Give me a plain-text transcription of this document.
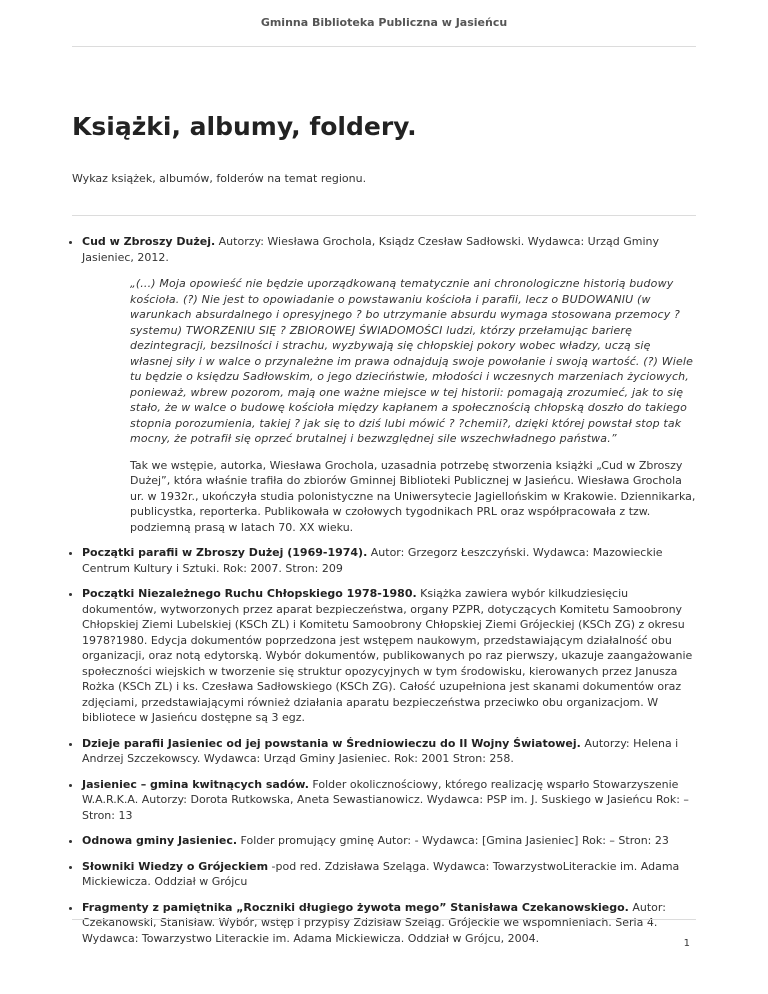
Gminna Biblioteka Publiczna w Jasieńcu
Książki, albumy, foldery.

Wykaz książek, albumów, folderów na temat regionu.

• Cud w Zbroszy Dużej. Autorzy: Wiesława Grochola, Ksiądz Czesław Sadłowski. Wydawca: Urząd Gminy Jasieniec, 2012.

„(...) Moja opowieść nie będzie uporządkowaną tematycznie ani chronologiczne historią budowy kościoła. (?) Nie jest to opowiadanie o powstawaniu kościoła i parafii, lecz o BUDOWANIU (w warunkach absurdalnego i opresyjnego ? bo utrzymanie absurdu wymaga stosowana przemocy ? systemu) TWORZENIU SIĘ ? ZBIOROWEJ ŚWIADOMOŚCI ludzi, którzy przełamując barierę dezintegracji, bezsilności i strachu, wyzbywają się chłopskiej pokory wobec władzy, uczą się własnej siły i w walce o przynależne im prawa odnajdują swoje powołanie i swoją wartość. (?) Wiele tu będzie o księdzu Sadłowskim, o jego dzieciństwie, młodości i wczesnych marzeniach życiowych, ponieważ, wbrew pozorom, mają one ważne miejsce w tej historii: pomagają zrozumieć, jak to się stało, że w walce o budowę kościoła między kapłanem a społecznością chłopską doszło do takiego stopnia porozumienia, takiej ? jak się to dziś lubi mówić ? ?chemii?, dzięki której powstał stop tak mocny, że potrafił się oprzeć brutalnej i bezwzględnej sile wszechwładnego państwa.”

Tak we wstępie, autorka, Wiesława Grochola, uzasadnia potrzebę stworzenia książki „Cud w Zbroszy Dużej”, która właśnie trafiła do zbiorów Gminnej Biblioteki Publicznej w Jasieńcu. Wiesława Grochola ur. w 1932r., ukończyła studia polonistyczne na Uniwersytecie Jagiellońskim w Krakowie. Dziennikarka, publicystka, reporterka. Publikowała w czołowych tygodnikach PRL oraz współpracowała z tzw. podziemną prasą w latach 70. XX wieku.

• Początki parafii w Zbroszy Dużej (1969-1974). Autor: Grzegorz Łeszczyński. Wydawca: Mazowieckie Centrum Kultury i Sztuki. Rok: 2007. Stron: 209
• Początki Niezależnego Ruchu Chłopskiego 1978-1980. Książka zawiera wybór kilkudziesięciu dokumentów, wytworzonych przez aparat bezpieczeństwa, organy PZPR, dotyczących Komitetu Samoobrony Chłopskiej Ziemi Lubelskiej (KSCh ZL) i Komitetu Samoobrony Chłopskiej Ziemi Grójeckiej (KSCh ZG) z okresu 1978?1980. Edycja dokumentów poprzedzona jest wstępem naukowym, przedstawiającym działalność obu organizacji, oraz notą edytorską. Wybór dokumentów, publikowanych po raz pierwszy, ukazuje zaangażowanie społeczności wiejskich w tworzenie się struktur opozycyjnych w tym środowisku, kierowanych przez Janusza Rożka (KSCh ZL) i ks. Czesława Sadłowskiego (KSCh ZG). Całość uzupełniona jest skanami dokumentów oraz zdjęciami, przedstawiającymi również działania aparatu bezpieczeństwa przeciwko obu organizacjom. W bibliotece w Jasieńcu dostępne są 3 egz.
• Dzieje parafii Jasieniec od jej powstania w Średniowieczu do II Wojny Światowej. Autorzy: Helena i Andrzej Szczekowscy. Wydawca: Urząd Gminy Jasieniec. Rok: 2001 Stron: 258.
• Jasieniec – gmina kwitnących sadów. Folder okolicznościowy, którego realizację wsparło Stowarzyszenie W.A.R.K.A. Autorzy: Dorota Rutkowska, Aneta Sewastianowicz. Wydawca: PSP im. J. Suskiego w Jasieńcu Rok: – Stron: 13
• Odnowa gminy Jasieniec. Folder promujący gminę Autor: - Wydawca: [Gmina Jasieniec] Rok: – Stron: 23
• Słowniki Wiedzy o Grójeckiem -pod red. Zdzisława Szeląga. Wydawca: TowarzystwoLiterackie im. Adama Mickiewicza. Oddział w Grójcu
• Fragmenty z pamiętnika „Roczniki długiego żywota mego” Stanisława Czekanowskiego. Autor: Czekanowski, Stanisław. Wybór, wstęp i przypisy Zdzisław Szeląg. Grójeckie we wspomnieniach. Seria 4. Wydawca: Towarzystwo Literackie im. Adama Mickiewicza. Oddział w Grójcu, 2004.	1
